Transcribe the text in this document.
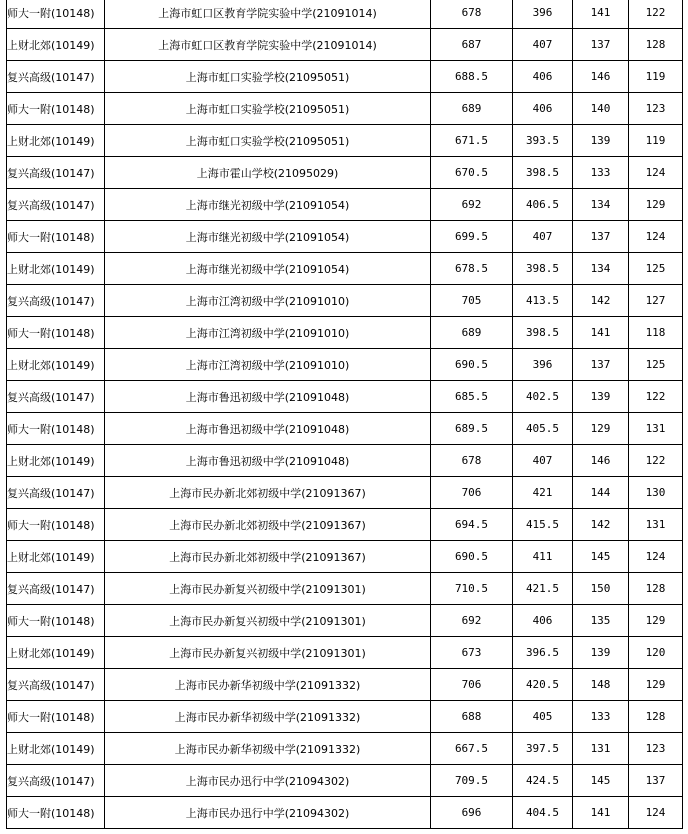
师大一附(10148)	上海市虹口区教育学院实验中学(21091014)	678	396	141	122
上财北郊(10149)	上海市虹口区教育学院实验中学(21091014)	687	407	137	128
复兴高级(10147)	上海市虹口实验学校(21095051)	688.5	406	146	119
师大一附(10148)	上海市虹口实验学校(21095051)	689	406	140	123
上财北郊(10149)	上海市虹口实验学校(21095051)	671.5	393.5	139	119
复兴高级(10147)	上海市霍山学校(21095029)	670.5	398.5	133	124
复兴高级(10147)	上海市继光初级中学(21091054)	692	406.5	134	129
师大一附(10148)	上海市继光初级中学(21091054)	699.5	407	137	124
上财北郊(10149)	上海市继光初级中学(21091054)	678.5	398.5	134	125
复兴高级(10147)	上海市江湾初级中学(21091010)	705	413.5	142	127
师大一附(10148)	上海市江湾初级中学(21091010)	689	398.5	141	118
上财北郊(10149)	上海市江湾初级中学(21091010)	690.5	396	137	125
复兴高级(10147)	上海市鲁迅初级中学(21091048)	685.5	402.5	139	122
师大一附(10148)	上海市鲁迅初级中学(21091048)	689.5	405.5	129	131
上财北郊(10149)	上海市鲁迅初级中学(21091048)	678	407	146	122
复兴高级(10147)	上海市民办新北郊初级中学(21091367)	706	421	144	130
师大一附(10148)	上海市民办新北郊初级中学(21091367)	694.5	415.5	142	131
上财北郊(10149)	上海市民办新北郊初级中学(21091367)	690.5	411	145	124
复兴高级(10147)	上海市民办新复兴初级中学(21091301)	710.5	421.5	150	128
师大一附(10148)	上海市民办新复兴初级中学(21091301)	692	406	135	129
上财北郊(10149)	上海市民办新复兴初级中学(21091301)	673	396.5	139	120
复兴高级(10147)	上海市民办新华初级中学(21091332)	706	420.5	148	129
师大一附(10148)	上海市民办新华初级中学(21091332)	688	405	133	128
上财北郊(10149)	上海市民办新华初级中学(21091332)	667.5	397.5	131	123
复兴高级(10147)	上海市民办迅行中学(21094302)	709.5	424.5	145	137
师大一附(10148)	上海市民办迅行中学(21094302)	696	404.5	141	124
